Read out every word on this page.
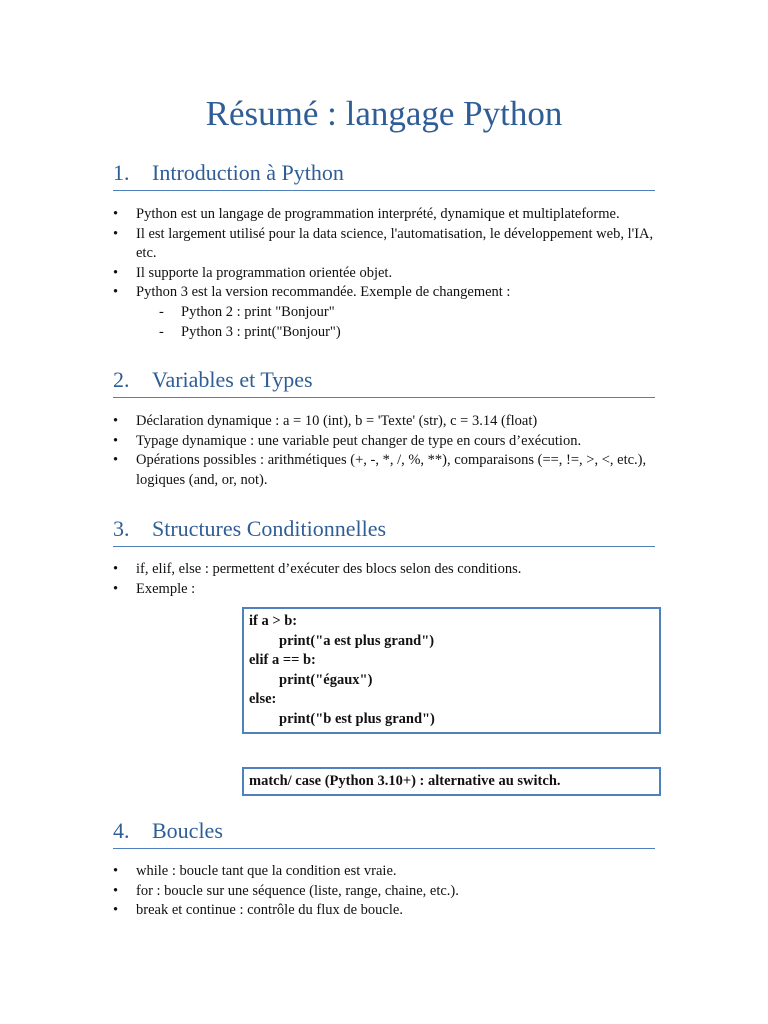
Résumé : langage Python
1. Introduction à Python
• Python est un langage de programmation interprété, dynamique et multiplateforme.
• Il est largement utilisé pour la data science, l'automatisation, le développement web, l'IA, etc.
• Il supporte la programmation orientée objet.
• Python 3 est la version recommandée. Exemple de changement :
- Python 2 : print "Bonjour"
- Python 3 : print("Bonjour")
2. Variables et Types
• Déclaration dynamique : a = 10 (int), b = 'Texte' (str), c = 3.14 (float)
• Typage dynamique : une variable peut changer de type en cours d’exécution.
• Opérations possibles : arithmétiques (+, -, *, /, %, **), comparaisons (==, !=, >, <, etc.), logiques (and, or, not).
3. Structures Conditionnelles
• if, elif, else : permettent d’exécuter des blocs selon des conditions.
• Exemple :
if a > b:
print("a est plus grand")
elif a == b:
print("égaux")
else:
print("b est plus grand")
match/ case (Python 3.10+) : alternative au switch.
4. Boucles
• while : boucle tant que la condition est vraie.
• for : boucle sur une séquence (liste, range, chaine, etc.).
• break et continue : contrôle du flux de boucle.
